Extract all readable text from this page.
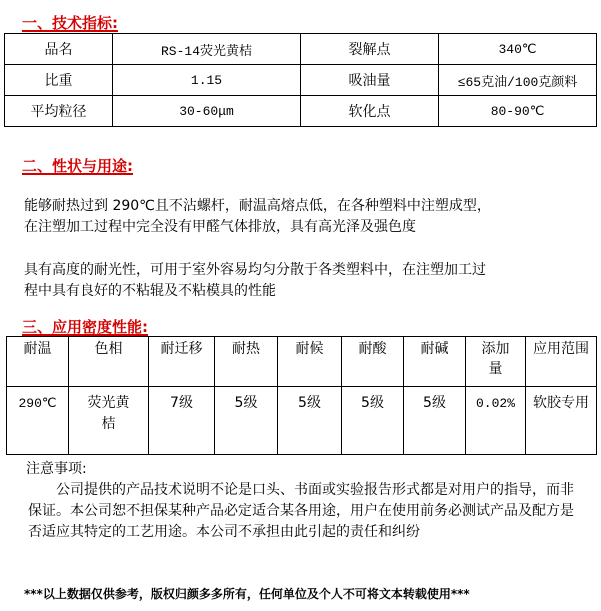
一、技术指标:
品名	RS-14荧光黄桔	裂解点	340℃
比重	1.15	吸油量	≤65克油/100克颜料
平均粒径	30-60μm	软化点	80-90℃
二、性状与用途:
能够耐热过到 290℃且不沾螺杆，耐温高熔点低，在各种塑料中注塑成型，
在注塑加工过程中完全没有甲醛气体排放，具有高光泽及强色度
具有高度的耐光性，可用于室外容易均匀分散于各类塑料中，在注塑加工过
程中具有良好的不粘辊及不粘模具的性能
三、应用密度性能:
耐温	色相	耐迁移	耐热	耐候	耐酸	耐碱	添加量	应用范围
290℃	荧光黄桔	7级	5级	5级	5级	5级	0.02%	软胶专用
注意事项:
公司提供的产品技术说明不论是口头、书面或实验报告形式都是对用户的指导，而非保证。本公司恕不担保某种产品必定适合某各用途，用户在使用前务必测试产品及配方是否适应其特定的工艺用途。本公司不承担由此引起的责任和纠纷
***以上数据仅供参考，版权归颜多多所有，任何单位及个人不可将文本转载使用***
